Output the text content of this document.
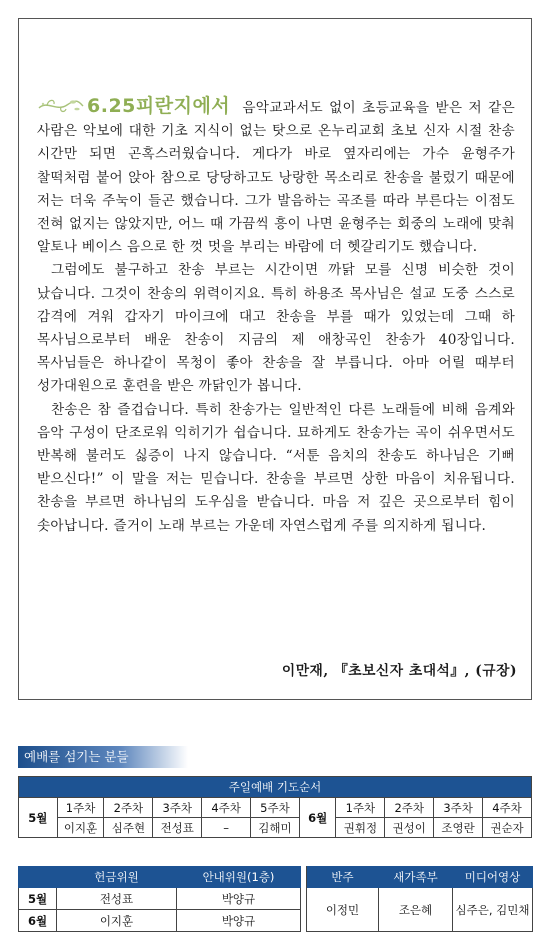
6.25피란지에서 음악교과서도 없이 초등교육을 받은 저 같은 사람은 악보에 대한 기초 지식이 없는 탓으로 온누리교회 초보 신자 시절 찬송 시간만 되면 곤혹스러웠습니다. 게다가 바로 옆자리에는 가수 윤형주가 찰떡처럼 붙어 앉아 참으로 당당하고도 낭랑한 목소리로 찬송을 불렀기 때문에 저는 더욱 주눅이 들곤 했습니다. 그가 발음하는 곡조를 따라 부른다는 이점도 전혀 없지는 않았지만, 어느 때 가끔씩 흥이 나면 윤형주는 회중의 노래에 맞춰 알토나 베이스 음으로 한 껏 멋을 부리는 바람에 더 헷갈리기도 했습니다.

그럼에도 불구하고 찬송 부르는 시간이면 까닭 모를 신명 비슷한 것이 났습니다. 그것이 찬송의 위력이지요. 특히 하용조 목사님은 설교 도중 스스로 감격에 겨워 갑자기 마이크에 대고 찬송을 부를 때가 있었는데 그때 하 목사님으로부터 배운 찬송이 지금의 제 애창곡인 찬송가 40장입니다. 목사님들은 하나같이 목청이 좋아 찬송을 잘 부릅니다. 아마 어릴 때부터 성가대원으로 훈련을 받은 까닭인가 봅니다.

찬송은 참 즐겁습니다. 특히 찬송가는 일반적인 다른 노래들에 비해 음계와 음악 구성이 단조로워 익히기가 쉽습니다. 묘하게도 찬송가는 곡이 쉬우면서도 반복해 불러도 싫증이 나지 않습니다. “서툰 음치의 찬송도 하나님은 기뻐 받으신다!” 이 말을 저는 믿습니다. 찬송을 부르면 상한 마음이 치유됩니다. 찬송을 부르면 하나님의 도우심을 받습니다. 마음 저 깊은 곳으로부터 힘이 솟아납니다. 즐거이 노래 부르는 가운데 자연스럽게 주를 의지하게 됩니다.

이만재, 『초보신자 초대석』, (규장)
예배를 섬기는 분들
주일예배 기도순서										
5월	1주차	2주차	3주차	4주차	5주차	6월	1주차	2주차	3주차	4주차
	이지훈	심주현	전성표	–	김해미		권휘정	권성이	조영란	권순자
	헌금위원	안내위원(1층)		반주	새가족부	미디어영상
5월	전성표	박양규		이정민	조은혜	심주은, 김민채
6월	이지훈	박양규				
